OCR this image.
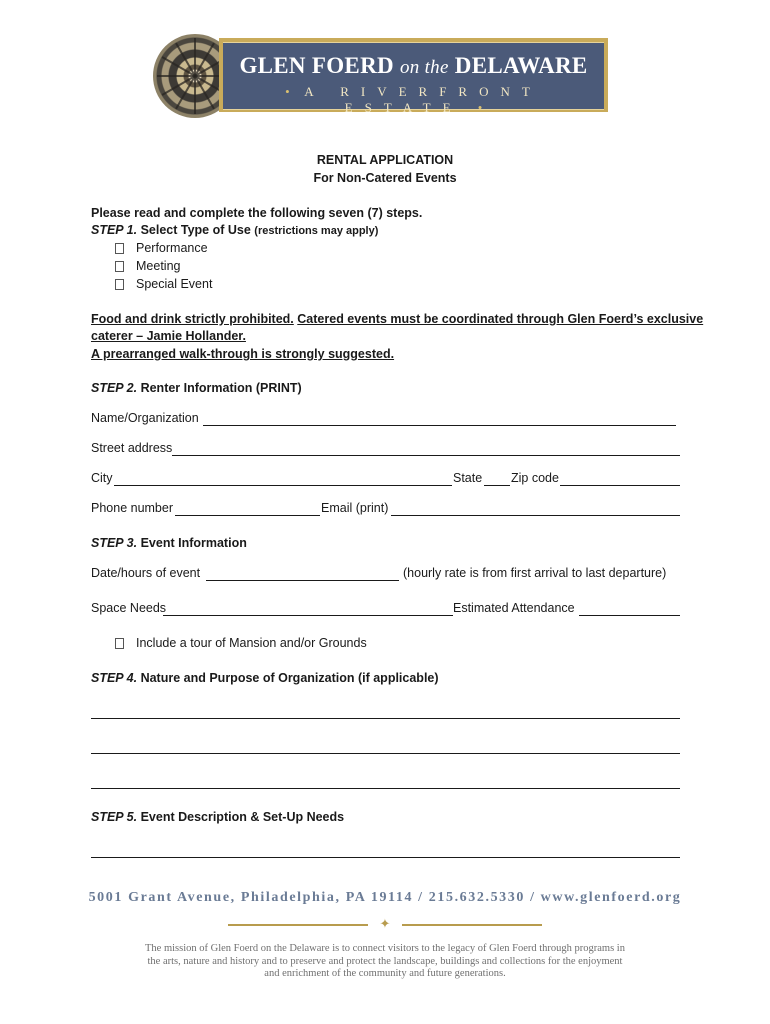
GLEN FOERD on the DELAWARE
• A RIVERFRONT ESTATE •
RENTAL APPLICATION
For Non-Catered Events
Please read and complete the following seven (7) steps.
STEP 1. Select Type of Use (restrictions may apply)
Performance
Meeting
Special Event
Food and drink strictly prohibited. Catered events must be coordinated through Glen Foerd’s exclusive
caterer – Jamie Hollander.
A prearranged walk-through is strongly suggested.
STEP 2. Renter Information (PRINT)
Name/Organization
Street address
City	State Zip code
Phone number	Email (print)
STEP 3. Event Information
Date/hours of event	(hourly rate is from first arrival to last departure)
Space Needs	Estimated Attendance
Include a tour of Mansion and/or Grounds
STEP 4. Nature and Purpose of Organization (if applicable)
STEP 5. Event Description & Set-Up Needs
5001 Grant Avenue, Philadelphia, PA 19114 / 215.632.5330 / www.glenfoerd.org
✦
The mission of Glen Foerd on the Delaware is to connect visitors to the legacy of Glen Foerd through programs in the arts, nature and history and to preserve and protect the landscape, buildings and collections for the enjoyment and enrichment of the community and future generations.
